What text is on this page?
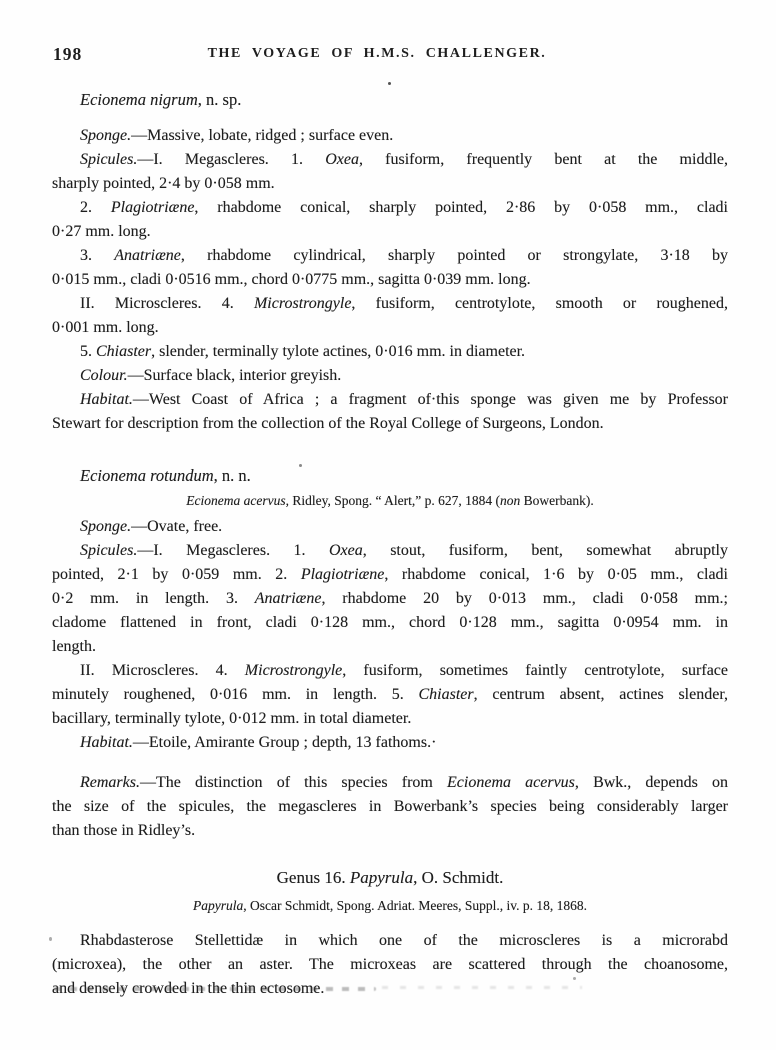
198	THE VOYAGE OF H.M.S. CHALLENGER.
Ecionema nigrum, n. sp.
Sponge.—Massive, lobate, ridged ; surface even.
Spicules.—I. Megascleres. 1. Oxea, fusiform, frequently bent at the middle,
sharply pointed, 2·4 by 0·058 mm.
2. Plagiotriæne, rhabdome conical, sharply pointed, 2·86 by 0·058 mm., cladi
0·27 mm. long.
3. Anatriæne, rhabdome cylindrical, sharply pointed or strongylate, 3·18 by
0·015 mm., cladi 0·0516 mm., chord 0·0775 mm., sagitta 0·039 mm. long.
II. Microscleres. 4. Microstrongyle, fusiform, centrotylote, smooth or roughened,
0·001 mm. long.
5. Chiaster, slender, terminally tylote actines, 0·016 mm. in diameter.
Colour.—Surface black, interior greyish.
Habitat.—West Coast of Africa ; a fragment of·this sponge was given me by Professor
Stewart for description from the collection of the Royal College of Surgeons, London.
Ecionema rotundum, n. n.
Ecionema acervus, Ridley, Spong. “ Alert,” p. 627, 1884 (non Bowerbank).
Sponge.—Ovate, free.
Spicules.—I. Megascleres. 1. Oxea, stout, fusiform, bent, somewhat abruptly
pointed, 2·1 by 0·059 mm. 2. Plagiotriæne, rhabdome conical, 1·6 by 0·05 mm., cladi
0·2 mm. in length. 3. Anatriæne, rhabdome 20 by 0·013 mm., cladi 0·058 mm.;
cladome flattened in front, cladi 0·128 mm., chord 0·128 mm., sagitta 0·0954 mm. in
length.
II. Microscleres. 4. Microstrongyle, fusiform, sometimes faintly centrotylote, surface
minutely roughened, 0·016 mm. in length. 5. Chiaster, centrum absent, actines slender,
bacillary, terminally tylote, 0·012 mm. in total diameter.
Habitat.—Etoile, Amirante Group ; depth, 13 fathoms.·
Remarks.—The distinction of this species from Ecionema acervus, Bwk., depends on
the size of the spicules, the megascleres in Bowerbank’s species being considerably larger
than those in Ridley’s.
Genus 16. Papyrula, O. Schmidt.
Papyrula, Oscar Schmidt, Spong. Adriat. Meeres, Suppl., iv. p. 18, 1868.
Rhabdasterose Stellettidæ in which one of the microscleres is a microrabd
(microxea), the other an aster. The microxeas are scattered through the choanosome,
and densely crowded in the thin ectosome.
